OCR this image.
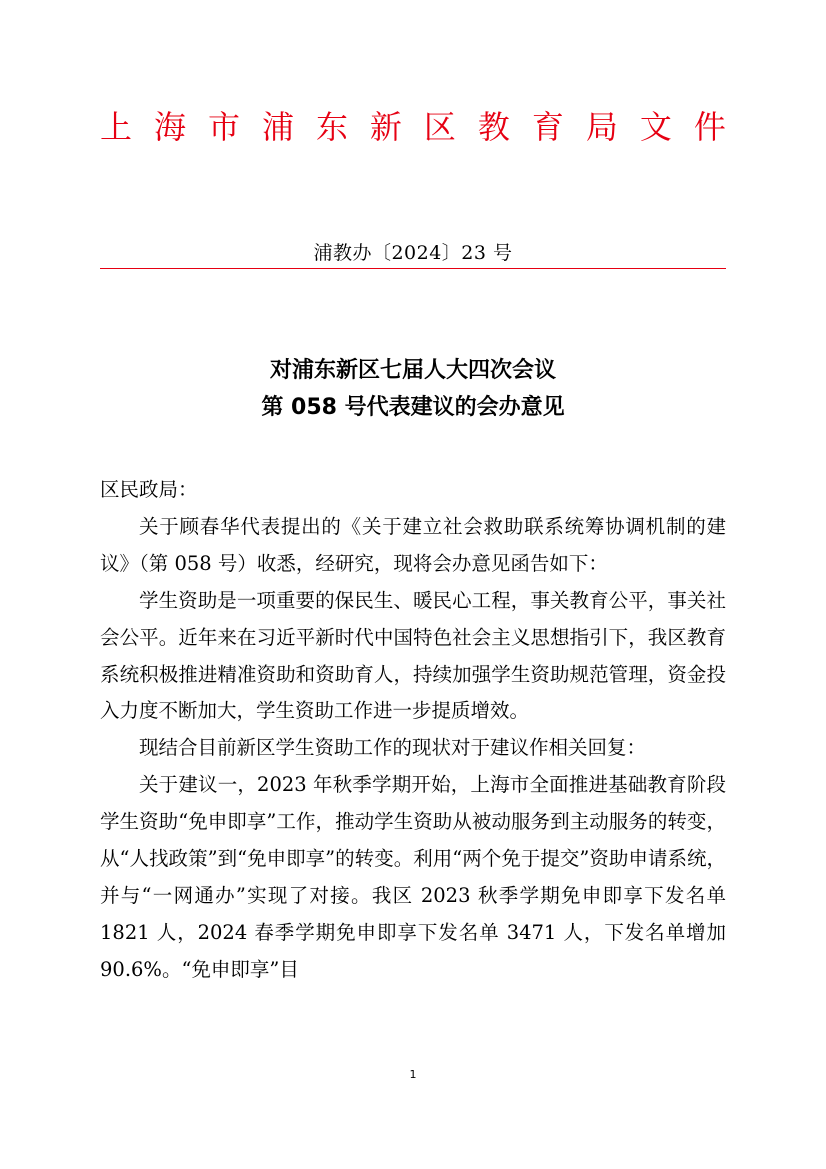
上 海 市 浦 东 新 区 教 育 局 文 件
浦教办〔2024〕23 号
对浦东新区七届人大四次会议
第 058 号代表建议的会办意见

区民政局：

关于顾春华代表提出的《关于建立社会救助联系统筹协调机制的建议》（第 058 号）收悉，经研究，现将会办意见函告如下：

学生资助是一项重要的保民生、暖民心工程，事关教育公平，事关社会公平。近年来在习近平新时代中国特色社会主义思想指引下，我区教育系统积极推进精准资助和资助育人，持续加强学生资助规范管理，资金投入力度不断加大，学生资助工作进一步提质增效。

现结合目前新区学生资助工作的现状对于建议作相关回复：

关于建议一，2023 年秋季学期开始，上海市全面推进基础教育阶段学生资助“免申即享”工作，推动学生资助从被动服务到主动服务的转变，从“人找政策”到“免申即享”的转变。利用“两个免于提交”资助申请系统，并与“一网通办”实现了对接。我区 2023 秋季学期免申即享下发名单 1821 人，2024 春季学期免申即享下发名单 3471 人，下发名单增加 90.6%。“免申即享”目

1
